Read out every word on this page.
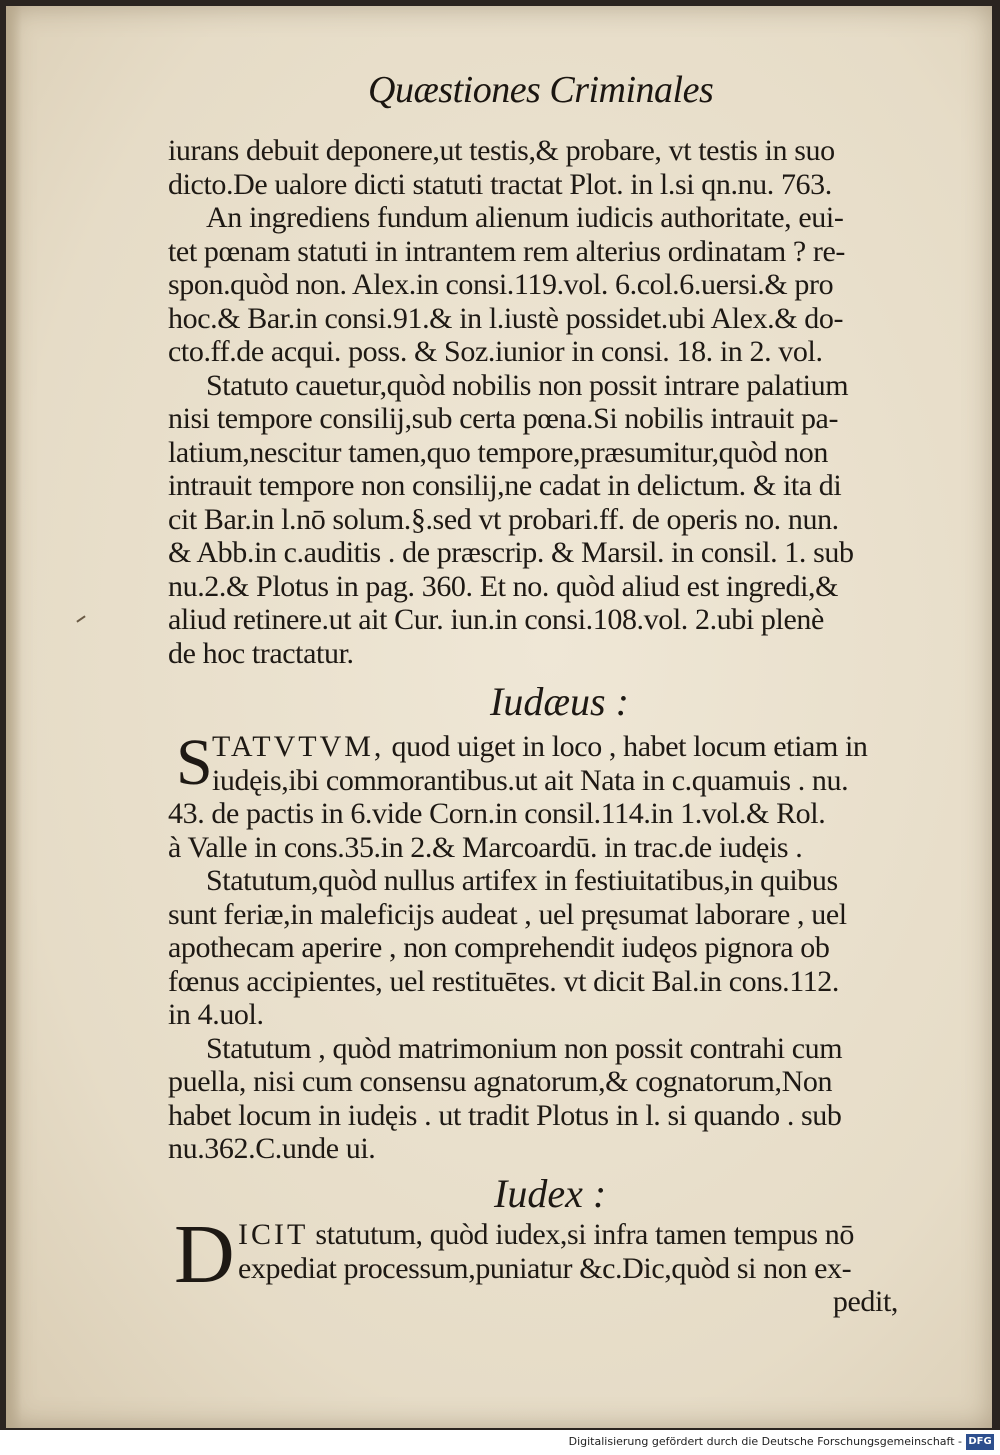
Quæstiones Criminales
iurans debuit deponere,ut testis,& probare, vt testis in suo
dicto.De ualore dicti statuti tractat Plot. in l.si qn.nu. 763.
An ingrediens fundum alienum iudicis authoritate, eui-
tet pœnam statuti in intrantem rem alterius ordinatam ? re-
spon.quòd non. Alex.in consi.119.vol. 6.col.6.uersi.& pro
hoc.& Bar.in consi.91.& in l.iustè possidet.ubi Alex.& do-
cto.ff.de acqui. poss. & Soz.iunior in consi. 18. in 2. vol.
Statuto cauetur,quòd nobilis non possit intrare palatium
nisi tempore consilij,sub certa pœna.Si nobilis intrauit pa-
latium,nescitur tamen,quo tempore,præsumitur,quòd non
intrauit tempore non consilij,ne cadat in delictum. & ita di
cit Bar.in l.nō solum.§.sed vt probari.ff. de operis no. nun.
& Abb.in c.auditis . de præscrip. & Marsil. in consil. 1. sub
nu.2.& Plotus in pag. 360. Et no. quòd aliud est ingredi,&
aliud retinere.ut ait Cur. iun.in consi.108.vol. 2.ubi plenè
de hoc tractatur.
Iudæus :
S TATVTVM, quod uiget in loco , habet locum etiam in
iudęis,ibi commorantibus.ut ait Nata in c.quamuis . nu.
43. de pactis in 6.vide Corn.in consil.114.in 1.vol.& Rol.
à Valle in cons.35.in 2.& Marcoardū. in trac.de iudęis .
Statutum,quòd nullus artifex in festiuitatibus,in quibus
sunt feriæ,in maleficijs audeat , uel pręsumat laborare , uel
apothecam aperire , non comprehendit iudęos pignora ob
fœnus accipientes, uel restituētes. vt dicit Bal.in cons.112.
in 4.uol.
Statutum , quòd matrimonium non possit contrahi cum
puella, nisi cum consensu agnatorum,& cognatorum,Non
habet locum in iudęis . ut tradit Plotus in l. si quando . sub
nu.362.C.unde ui.
Iudex :
D ICIT statutum, quòd iudex,si infra tamen tempus nō
expediat processum,puniatur &c.Dic,quòd si non ex-
pedit,
Digitalisierung gefördert durch die Deutsche Forschungsgemeinschaft - DFG
